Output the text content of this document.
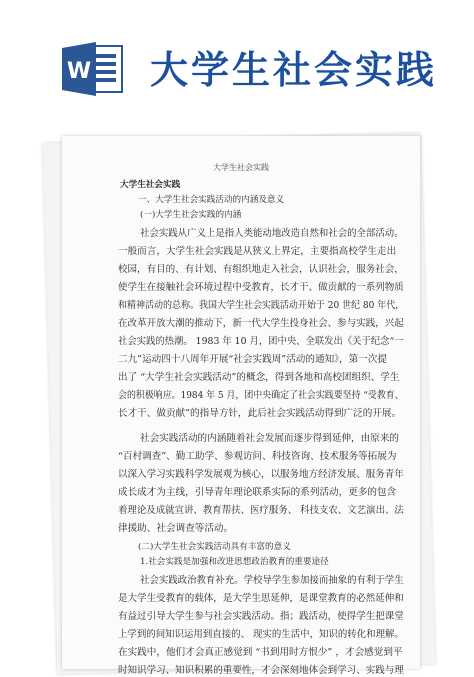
W 大学生社会实践
大学生社会实践
大学生社会实践
一、大学生社会实践活动的内涵及意义
(一)大学生社会实践的内涵
社会实践从广义上是指人类能动地改造自然和社会的全部活动。
一般而言，大学生社会实践是从狭义上界定，主要指高校学生走出
校园，有目的、有计划、有组织地走入社会，认识社会，服务社会，
使学生在接触社会环境过程中受教育，长才干、做贡献的一系列物质
和精神活动的总称。我国大学生社会实践活动开始于 20 世纪 80 年代，
在改革开放大潮的推动下，新一代大学生投身社会、参与实践，兴起
社会实践的热潮。 1983 年 10 月，团中央、全联发出《关于纪念“一
二九”运动四十八周年开展“社会实践周”活动的通知》，第一次提
出了 “大学生社会实践活动”的概念，得到各地和高校团组织、学生
会的积极响应。1984 年 5 月，团中央确定了社会实践要坚持 “受教育、
长才干、做贡献”的指导方针，此后社会实践活动得到广泛的开展。
社会实践活动的内涵随着社会发展而逐步得到延伸，由原来的
“百村调查”、勤工助学、参观访问、科技咨询、技术服务等拓展为
以深入学习实践科学发展观为核心，以服务地方经济发展、服务青年
成长成才为主线，引导青年理论联系实际的系列活动，更多的包含
着理论及成就宣讲、教育帮扶、医疗服务、 科技支农、文艺演出、法
律援助、社会调查等活动。
(二)大学生社会实践活动具有丰富的意义
1.社会实践是加强和改进思想政治教育的重要途径
社会实践政治教育补充。学校导学生参加接而抽象的有利于学生
是大学生受教育的载体，是大学生思延伸，是课堂教育的必然延伸和
有益过引导大学生参与社会实践活动。指；践活动，使得学生把课堂
上学到的间知识运用到直接的、 现实的生活中，知识的转化和理解。
在实践中，他们才会真正感觉到 “书到用时方恨少” ，才会感觉到平
时知识学习、知识积累的重要性，才会深刻地体会到学习、实践与理
